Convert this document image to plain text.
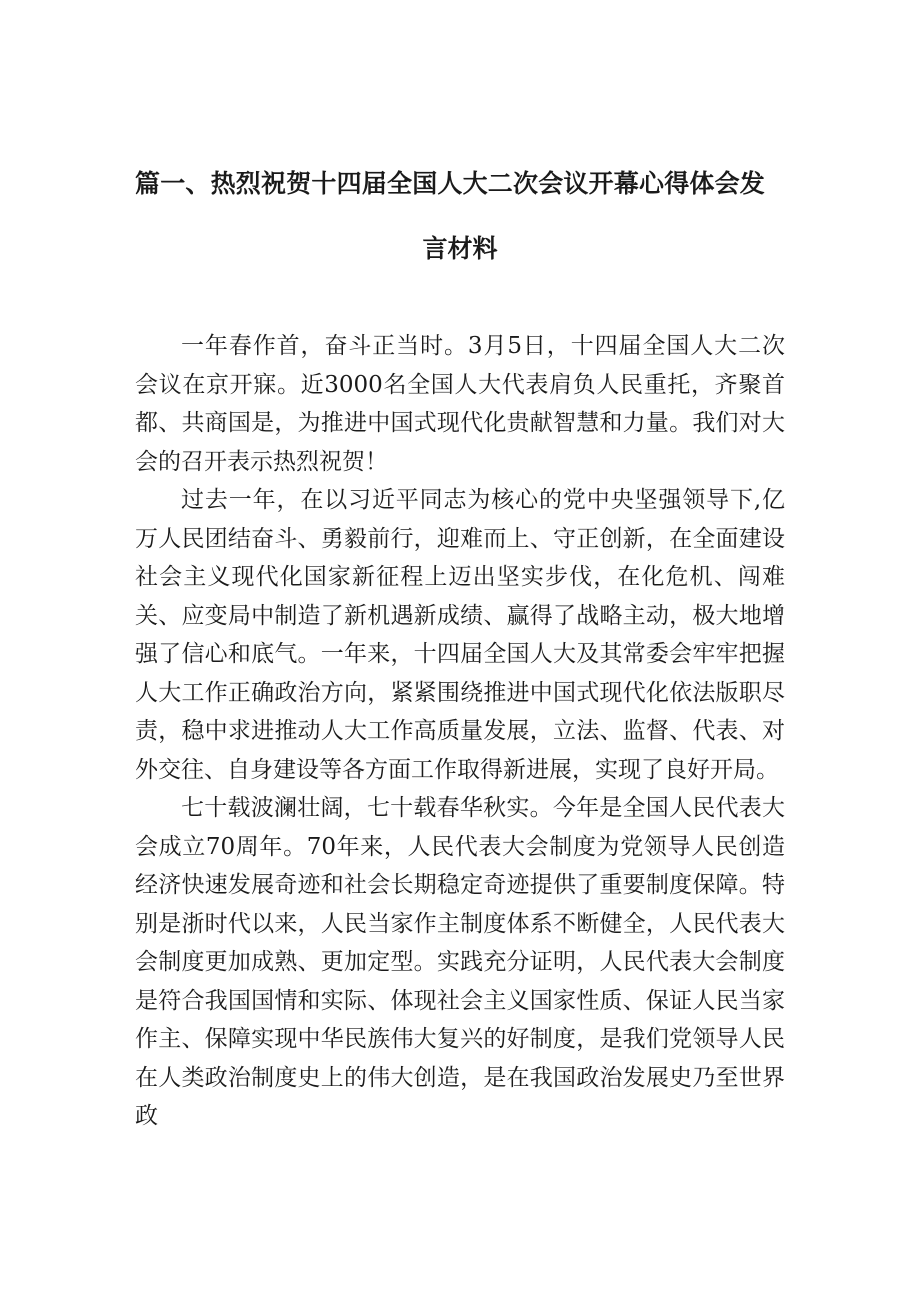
篇一、热烈祝贺十四届全国人大二次会议开幕心得体会发
言材料

一年春作首，奋斗正当时。3月5日，十四届全国人大二次会议在京开寐。近3000名全国人大代表肩负人民重托，齐聚首都、共商国是，为推进中国式现代化贵献智慧和力量。我们对大会的召开表示热烈祝贺！

过去一年，在以习近平同志为核心的党中央坚强领导下,亿万人民团结奋斗、勇毅前行，迎难而上、守正创新，在全面建设社会主义现代化国家新征程上迈出坚实步伐，在化危机、闯难关、应变局中制造了新机遇新成绩、赢得了战略主动，极大地增强了信心和底气。一年来，十四届全国人大及其常委会牢牢把握人大工作正确政治方向，紧紧围绕推进中国式现代化依法版职尽责，稳中求进推动人大工作高质量发展，立法、监督、代表、对外交往、自身建设等各方面工作取得新进展，实现了良好开局。

七十载波澜壮阔，七十载春华秋实。今年是全国人民代表大会成立70周年。70年来，人民代表大会制度为党领导人民创造经济快速发展奇迹和社会长期稳定奇迹提供了重要制度保障。特别是浙时代以来，人民当家作主制度体系不断健全，人民代表大会制度更加成熟、更加定型。实践充分证明，人民代表大会制度是符合我国国情和实际、体现社会主义国家性质、保证人民当家作主、保障实现中华民族伟大复兴的好制度，是我们党领导人民在人类政治制度史上的伟大创造，是在我国政治发展史乃至世界政
